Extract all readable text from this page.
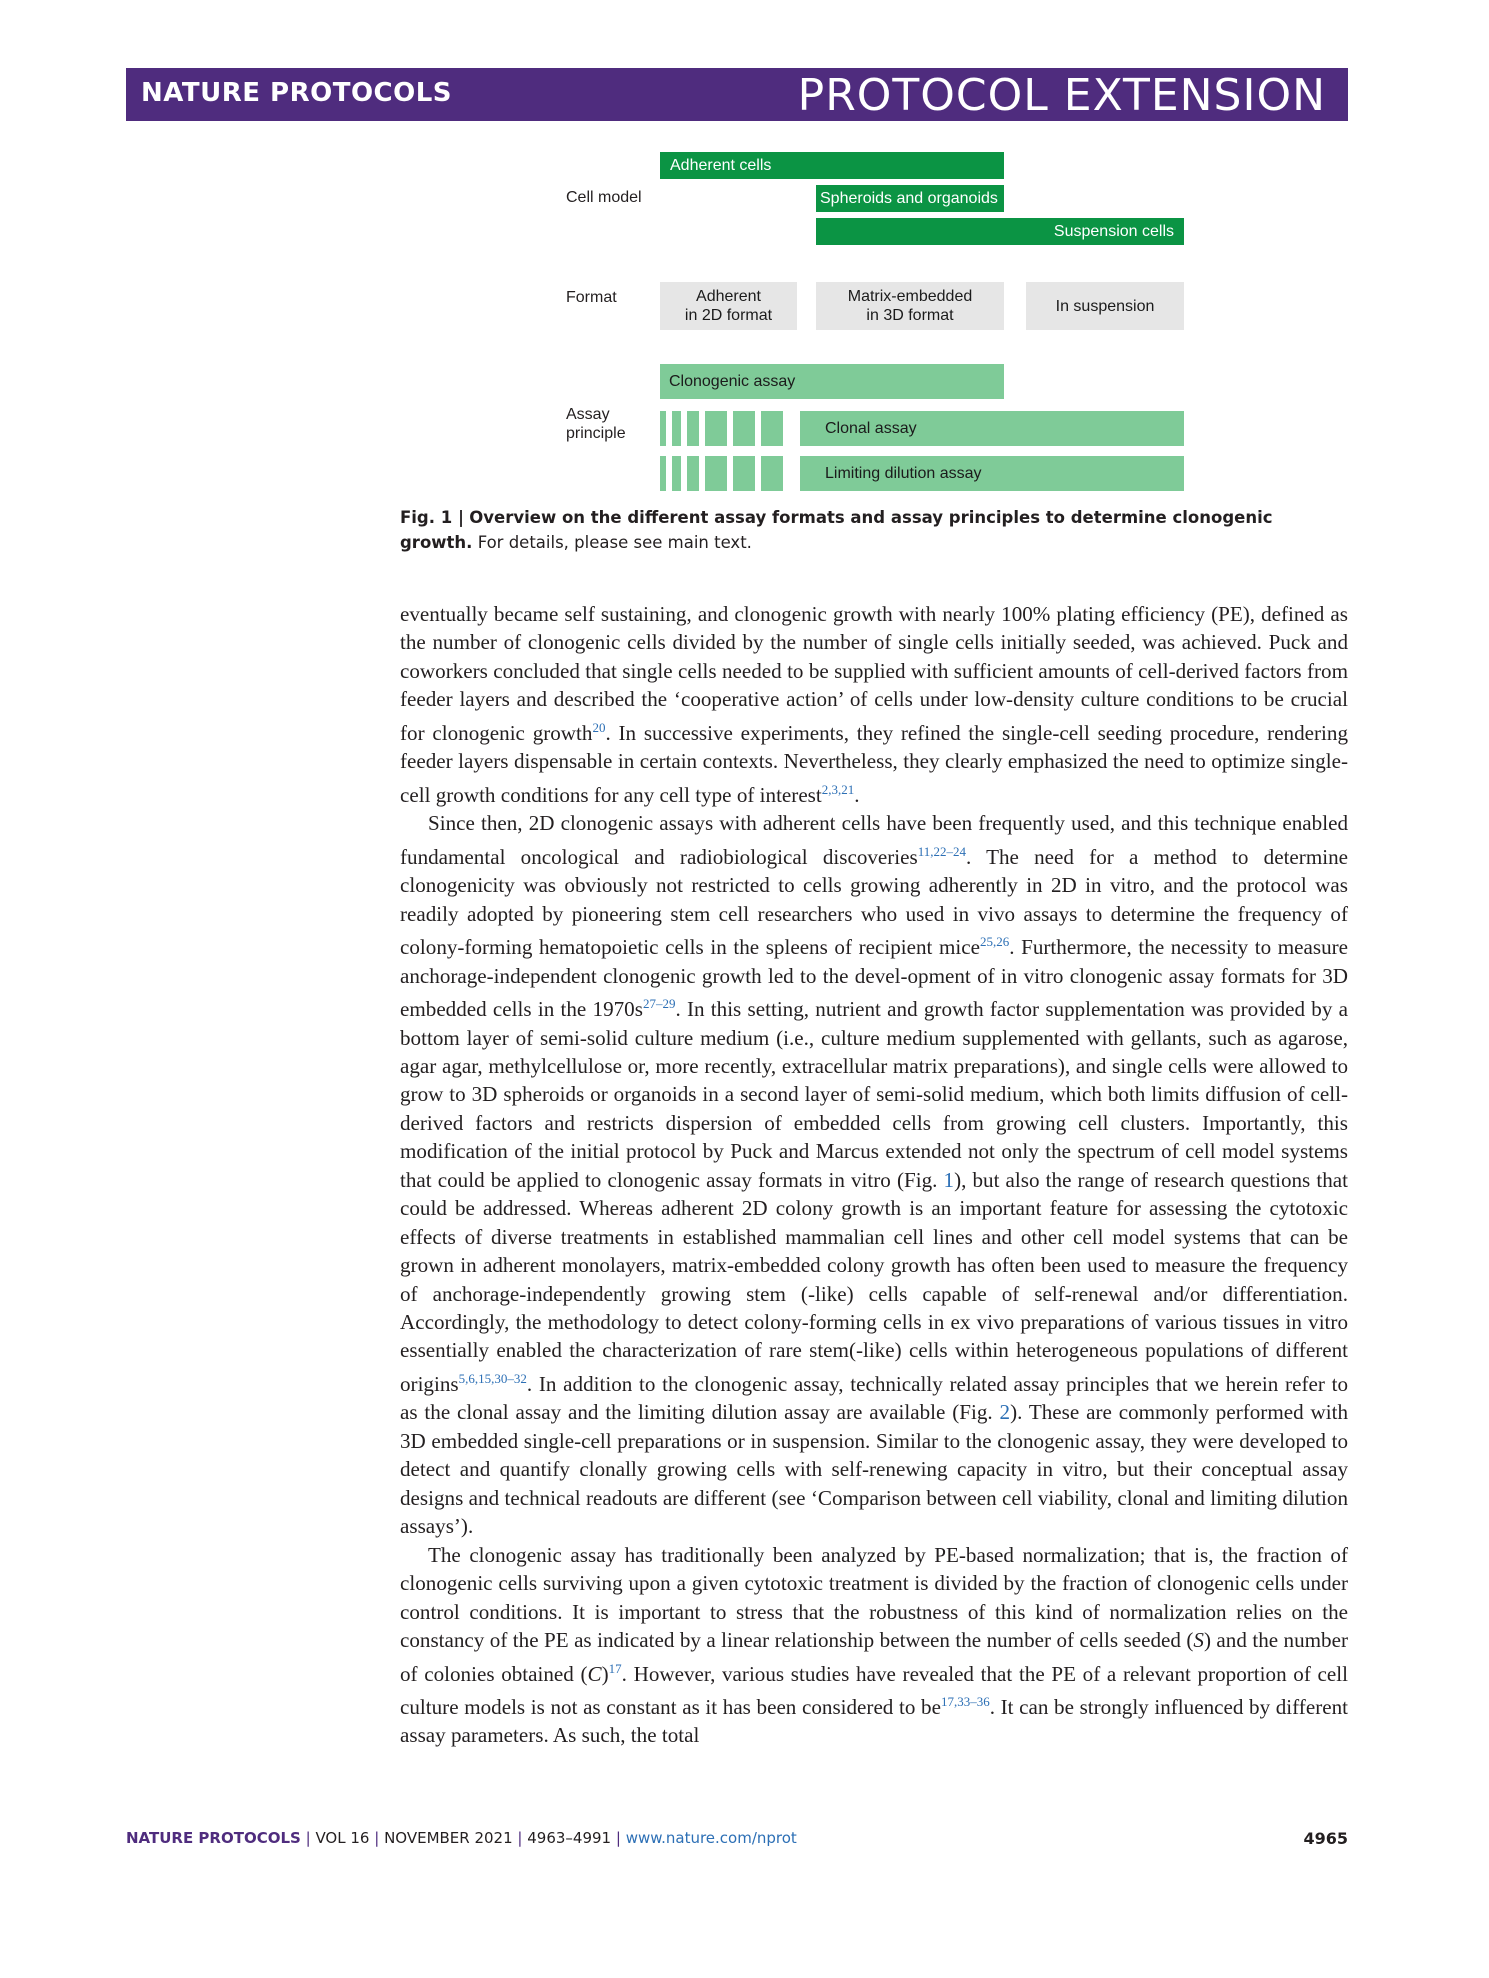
NATURE PROTOCOLS	PROTOCOL EXTENSION
Cell model
Format
Assay
principle
Adherent cells
Spheroids and organoids
Suspension cells
Adherent
in 2D format
Matrix-embedded
in 3D format
In suspension
Clonogenic assay
Clonal assay
Limiting dilution assay
Fig. 1 | Overview on the different assay formats and assay principles to determine clonogenic growth. For details, please see main text.

eventually became self sustaining, and clonogenic growth with nearly 100% plating efficiency (PE), defined as the number of clonogenic cells divided by the number of single cells initially seeded, was achieved. Puck and coworkers concluded that single cells needed to be supplied with sufficient amounts of cell-derived factors from feeder layers and described the ‘cooperative action’ of cells under low-density culture conditions to be crucial for clonogenic growth$^{20}$. In successive experiments, they refined the single-cell seeding procedure, rendering feeder layers dispensable in certain contexts. Nevertheless, they clearly emphasized the need to optimize single-cell growth conditions for any cell type of interest$^{2,3,21}$.

Since then, 2D clonogenic assays with adherent cells have been frequently used, and this technique enabled fundamental oncological and radiobiological discoveries$^{11,22-24}$. The need for a method to determine clonogenicity was obviously not restricted to cells growing adherently in 2D in vitro, and the protocol was readily adopted by pioneering stem cell researchers who used in vivo assays to determine the frequency of colony-forming hematopoietic cells in the spleens of recipient mice$^{25,26}$. Furthermore, the necessity to measure anchorage-independent clonogenic growth led to the devel-opment of in vitro clonogenic assay formats for 3D embedded cells in the $1970s^{27-29}$. In this setting, nutrient and growth factor supplementation was provided by a bottom layer of semi-solid culture medium (i.e., culture medium supplemented with gellants, such as agarose, agar agar, methylcellulose or, more recently, extracellular matrix preparations), and single cells were allowed to grow to 3D spheroids or organoids in a second layer of semi-solid medium, which both limits diffusion of cell-derived factors and restricts dispersion of embedded cells from growing cell clusters. Importantly, this modification of the initial protocol by Puck and Marcus extended not only the spectrum of cell model systems that could be applied to clonogenic assay formats in vitro (Fig. 1), but also the range of research questions that could be addressed. Whereas adherent 2D colony growth is an important feature for assessing the cytotoxic effects of diverse treatments in established mammalian cell lines and other cell model systems that can be grown in adherent monolayers, matrix-embedded colony growth has often been used to measure the frequency of anchorage-independently growing stem (-like) cells capable of self-renewal and/or differentiation. Accordingly, the methodology to detect colony-forming cells in ex vivo preparations of various tissues in vitro essentially enabled the characterization of rare stem(-like) cells within heterogeneous populations of different origins$^{5,6,15,30-32}$. In addition to the clonogenic assay, technically related assay principles that we herein refer to as the clonal assay and the limiting dilution assay are available (Fig. 2). These are commonly performed with 3D embedded single-cell preparations or in suspension. Similar to the clonogenic assay, they were developed to detect and quantify clonally growing cells with self-renewing capacity in vitro, but their conceptual assay designs and technical readouts are different (see ‘Comparison between cell viability, clonal and limiting dilution assays’).

The clonogenic assay has traditionally been analyzed by PE-based normalization; that is, the fraction of clonogenic cells surviving upon a given cytotoxic treatment is divided by the fraction of clonogenic cells under control conditions. It is important to stress that the robustness of this kind of normalization relies on the constancy of the PE as indicated by a linear relationship between the number of cells seeded (S) and the number of colonies obtained $(C)^{17}$. However, various studies have revealed that the PE of a relevant proportion of cell culture models is not as constant as it has been considered to be$^{17,33-36}$. It can be strongly influenced by different assay parameters. As such, the total

NATURE PROTOCOLS | VOL 16 | NOVEMBER 2021 | 4963–4991 | www.nature.com/nprot	4965
